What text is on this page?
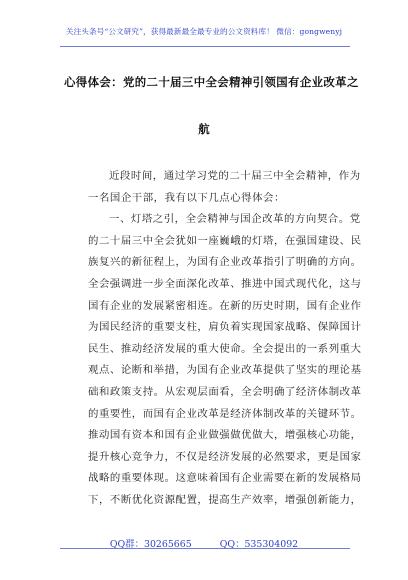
关注头条号“公文研究”，获得最新最全最专业的公文资料库！ 微信：gongwenyj
心得体会：党的二十届三中全会精神引领国有企业改革之
航
近段时间，通过学习党的二十届三中全会精神，作为
一名国企干部，我有以下几点心得体会：
一、灯塔之引，全会精神与国企改革的方向契合。党
的二十届三中全会犹如一座巍峨的灯塔，在强国建设、民
族复兴的新征程上，为国有企业改革指引了明确的方向。
全会强调进一步全面深化改革、推进中国式现代化，这与
国有企业的发展紧密相连。在新的历史时期，国有企业作
为国民经济的重要支柱，肩负着实现国家战略、保障国计
民生、推动经济发展的重大使命。全会提出的一系列重大
观点、论断和举措，为国有企业改革提供了坚实的理论基
础和政策支持。从宏观层面看，全会明确了经济体制改革
的重要性，而国有企业改革是经济体制改革的关键环节。
推动国有资本和国有企业做强做优做大，增强核心功能，
提升核心竞争力，不仅是经济发展的必然要求，更是国家
战略的重要体现。这意味着国有企业需要在新的发展格局
下，不断优化资源配置，提高生产效率，增强创新能力，
QQ群：30265665	QQ：535304092
